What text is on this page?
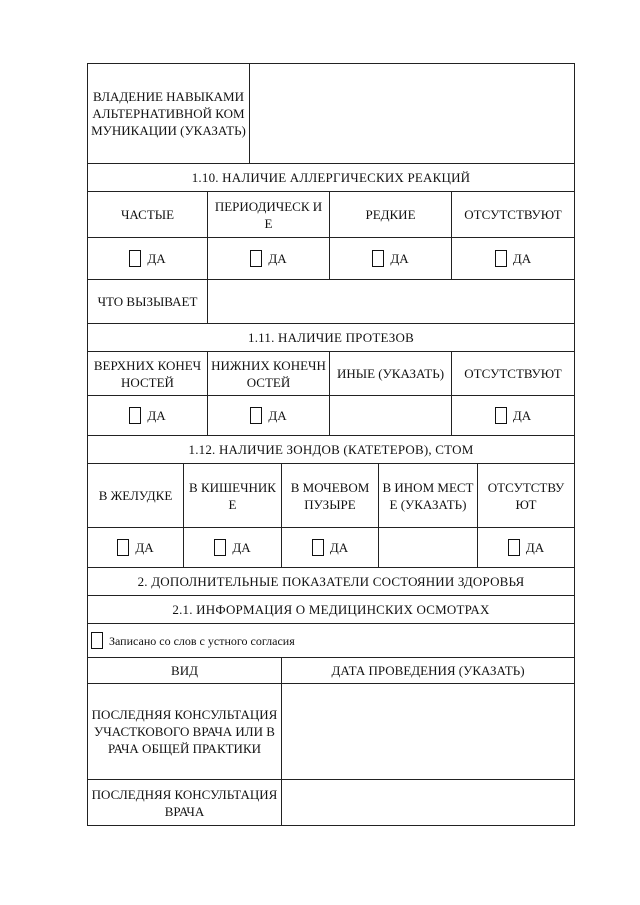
ВЛАДЕНИЕ НАВЫКАМИ АЛЬТЕРНАТИВНОЙ КОММУНИКАЦИИ (УКАЗАТЬ)	
1.10. НАЛИЧИЕ АЛЛЕРГИЧЕСКИХ РЕАКЦИЙ			
ЧАСТЫЕ	ПЕРИОДИЧЕСК ИЕ	РЕДКИЕ	ОТСУТСТВУЮТ
ДА	ДА	ДА	ДА
ЧТО ВЫЗЫВАЕТ			
1.11. НАЛИЧИЕ ПРОТЕЗОВ			
ВЕРХНИХ КОНЕЧНОСТЕЙ	НИЖНИХ КОНЕЧНОСТЕЙ	ИНЫЕ (УКАЗАТЬ)	ОТСУТСТВУЮТ
ДА	ДА		ДА
1.12. НАЛИЧИЕ ЗОНДОВ (КАТЕТЕРОВ), СТОМ				
В ЖЕЛУДКЕ	В КИШЕЧНИК Е	В МОЧЕВОМ ПУЗЫРЕ	В ИНОМ МЕСТЕ (УКАЗАТЬ)	ОТСУТСТВУ ЮТ
ДА	ДА	ДА		ДА
2. ДОПОЛНИТЕЛЬНЫЕ ПОКАЗАТЕЛИ СОСТОЯНИИ ЗДОРОВЬЯ
2.1. ИНФОРМАЦИЯ О МЕДИЦИНСКИХ ОСМОТРАХ
Записано со слов с устного согласия
ВИД	ДАТА ПРОВЕДЕНИЯ (УКАЗАТЬ)
ПОСЛЕДНЯЯ КОНСУЛЬТАЦИЯ УЧАСТКОВОГО ВРАЧА ИЛИ ВРАЧА ОБЩЕЙ ПРАКТИКИ	
ПОСЛЕДНЯЯ КОНСУЛЬТАЦИЯ ВРАЧА	
